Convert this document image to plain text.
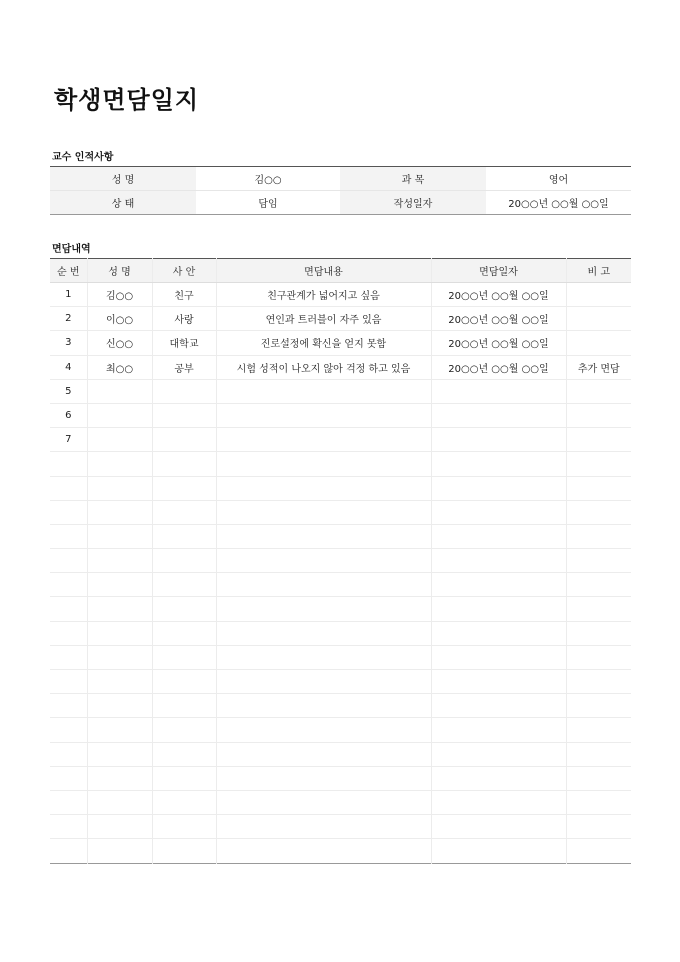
학생면담일지
교수 인적사항
성 명	김○○	과 목	영어
상 태	담임	작성일자	20○○년 ○○월 ○○일
면담내역
순 번	성 명	사 안	면담내용	면담일자	비 고
1	김○○	친구	친구관계가 넓어지고 싶음	20○○년 ○○월 ○○일	
2	이○○	사랑	연인과 트러블이 자주 있음	20○○년 ○○월 ○○일	
3	신○○	대학교	진로설정에 확신을 얻지 못함	20○○년 ○○월 ○○일	
4	최○○	공부	시험 성적이 나오지 않아 걱정 하고 있음	20○○년 ○○월 ○○일	추가 면담
5					
6					
7					
